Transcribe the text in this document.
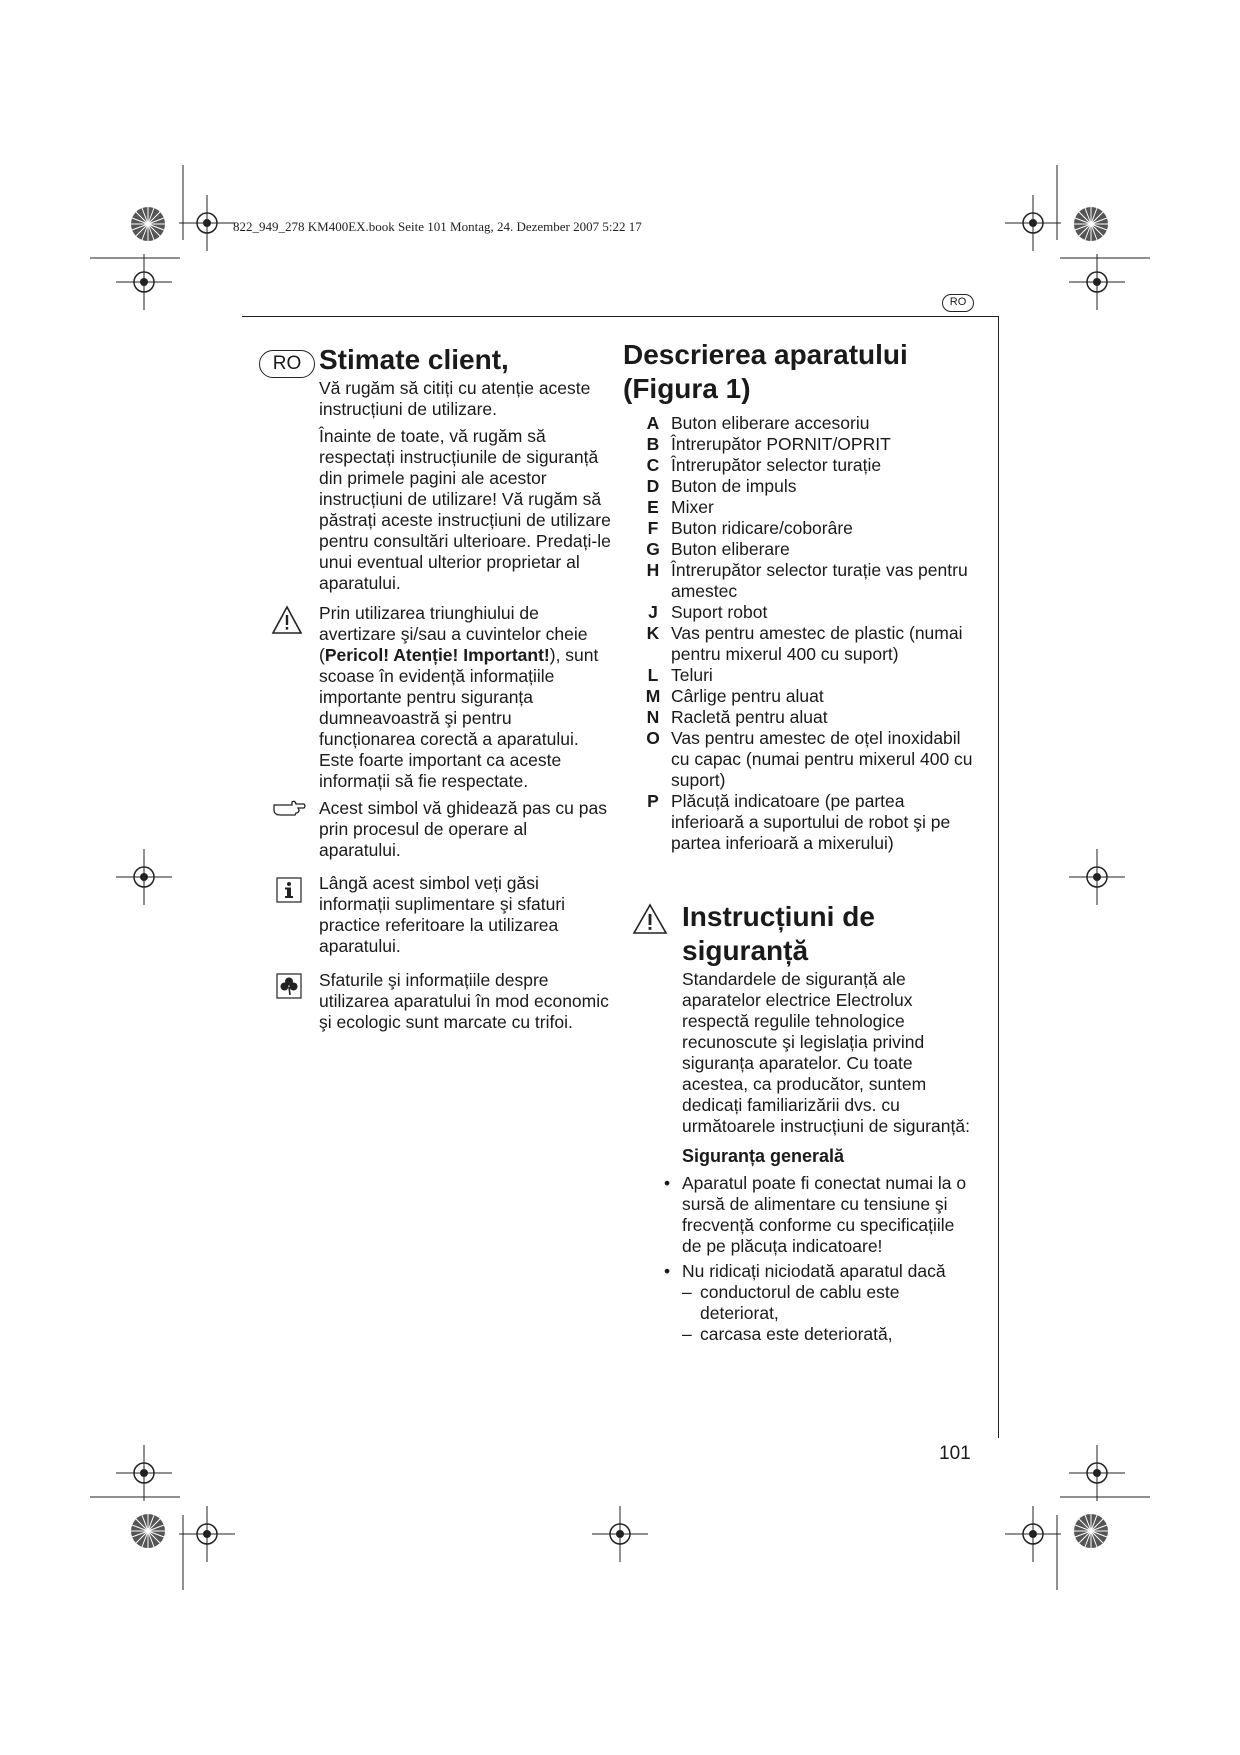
822_949_278 KM400EX.book Seite 101 Montag, 24. Dezember 2007 5:22 17
RO
RO Stimate client,

Vă rugăm să citiți cu atenție aceste instrucțiuni de utilizare.

Înainte de toate, vă rugăm să respectați instrucțiunile de siguranță din primele pagini ale acestor instrucțiuni de utilizare! Vă rugăm să păstrați aceste instrucțiuni de utilizare pentru consultări ulterioare. Predați-le unui eventual ulterior proprietar al aparatului.

Prin utilizarea triunghiului de avertizare şi/sau a cuvintelor cheie (Pericol! Atenție! Important!), sunt scoase în evidență informațiile importante pentru siguranța dumneavoastră şi pentru funcționarea corectă a aparatului. Este foarte important ca aceste informații să fie respectate.
Acest simbol vă ghidează pas cu pas prin procesul de operare al aparatului.
Lângă acest simbol veți găsi informații suplimentare şi sfaturi practice referitoare la utilizarea aparatului.
Sfaturile şi informațiile despre utilizarea aparatului în mod economic şi ecologic sunt marcate cu trifoi.
Descrierea aparatului
(Figura 1)
A Buton eliberare accesoriu
B Întrerupător PORNIT/OPRIT
C Întrerupător selector turație
D Buton de impuls
E Mixer
F Buton ridicare/coborâre
G Buton eliberare
H Întrerupător selector turație vas pentru amestec
J Suport robot
K Vas pentru amestec de plastic (numai pentru mixerul 400 cu suport)
L Teluri
M Cârlige pentru aluat
N Racletă pentru aluat
O Vas pentru amestec de oțel inoxidabil cu capac (numai pentru mixerul 400 cu suport)
P Plăcuță indicatoare (pe partea inferioară a suportului de robot şi pe partea inferioară a mixerului)
Instrucțiuni de
siguranță
Standardele de siguranță ale aparatelor electrice Electrolux respectă regulile tehnologice recunoscute şi legislația privind siguranța aparatelor. Cu toate acestea, ca producător, suntem dedicați familiarizării dvs. cu următoarele instrucțiuni de siguranță:
Siguranța generală
• Aparatul poate fi conectat numai la o sursă de alimentare cu tensiune şi frecvență conforme cu specificațiile de pe plăcuța indicatoare!
• Nu ridicați niciodată aparatul dacă
– conductorul de cablu este deteriorat,
– carcasa este deteriorată,
101
